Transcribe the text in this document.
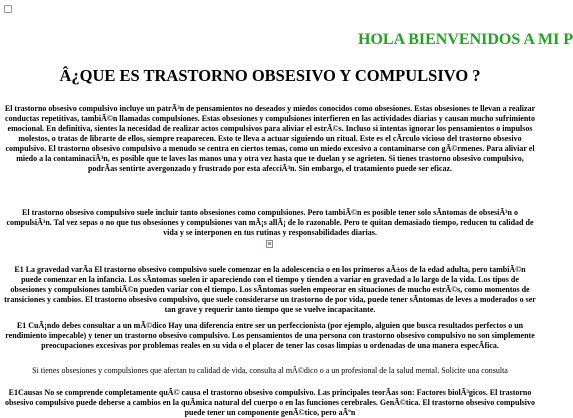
HOLA BIENVENIDOS A MI P
Â¿QUE ES TRASTORNO OBSESIVO Y COMPULSIVO ?

El trastorno obsesivo compulsivo incluye un patrÃ³n de pensamientos no deseados y miedos conocidos como obsesiones. Estas obsesiones te llevan a realizar conductas repetitivas, tambiÃ©n llamadas compulsiones. Estas obsesiones y compulsiones interfieren en las actividades diarias y causan mucho sufrimiento emocional. En definitiva, sientes la necesidad de realizar actos compulsivos para aliviar el estrÃ©s. Incluso si intentas ignorar los pensamientos o impulsos molestos, o tratas de librarte de ellos, siempre reaparecen. Esto te lleva a actuar siguiendo un ritual. Este es el cÃrculo vicioso del trastorno obsesivo compulsivo. El trastorno obsesivo compulsivo a menudo se centra en ciertos temas, como un miedo excesivo a contaminarse con gÃ©rmenes. Para aliviar el miedo a la contaminaciÃ³n, es posible que te laves las manos una y otra vez hasta que te duelan y se agrieten. Si tienes trastorno obsesivo compulsivo, podrÃas sentirte avergonzado y frustrado por esta afecciÃ³n. Sin embargo, el tratamiento puede ser eficaz.

El trastorno obsesivo compulsivo suele incluir tanto obsesiones como compulsiones. Pero tambiÃ©n es posible tener solo sÃntomas de obsesiÃ³n o compulsiÃ³n. Tal vez sepas o no que tus obsesiones y compulsiones van mÃ¡s allÃ¡ de lo razonable. Pero te quitan demasiado tiempo, reducen tu calidad de vida y se interponen en tus rutinas y responsabilidades diarias.

E1 La gravedad varÃa El trastorno obsesivo compulsivo suele comenzar en la adolescencia o en los primeros aÃ±os de la edad adulta, pero tambiÃ©n puede comenzar en la infancia. Los sÃntomas suelen ir apareciendo con el tiempo y tienden a variar en gravedad a lo largo de la vida. Los tipos de obsesiones y compulsiones tambiÃ©n pueden variar con el tiempo. Los sÃntomas suelen empeorar en situaciones de mucho estrÃ©s, como momentos de transiciones y cambios. El trastorno obsesivo compulsivo, que suele considerarse un trastorno de por vida, puede tener sÃntomas de leves a moderados o ser tan grave y requerir tanto tiempo que se vuelve incapacitante.

E1 CuÃ¡ndo debes consultar a un mÃ©dico Hay una diferencia entre ser un perfeccionista (por ejemplo, alguien que busca resultados perfectos o un rendimiento impecable) y tener un trastorno obsesivo compulsivo. Los pensamientos de una persona con trastorno obsesivo compulsivo no son simplemente preocupaciones excesivas por problemas reales en su vida o el placer de tener las cosas limpias u ordenadas de una manera especÃfica.

Si tienes obsesiones y compulsiones que afectan tu calidad de vida, consulta al mÃ©dico o a un profesional de la salud mental. Solicite una consulta

E1Causas No se comprende completamente quÃ© causa el trastorno obsesivo compulsivo. Las principales teorÃas son: Factores biolÃ³gicos. El trastorno obsesivo compulsivo puede deberse a cambios en la quÃmica natural del cuerpo o en las funciones cerebrales. GenÃ©tica. El trastorno obsesivo compulsivo puede tener un componente genÃ©tico, pero aÃºn
